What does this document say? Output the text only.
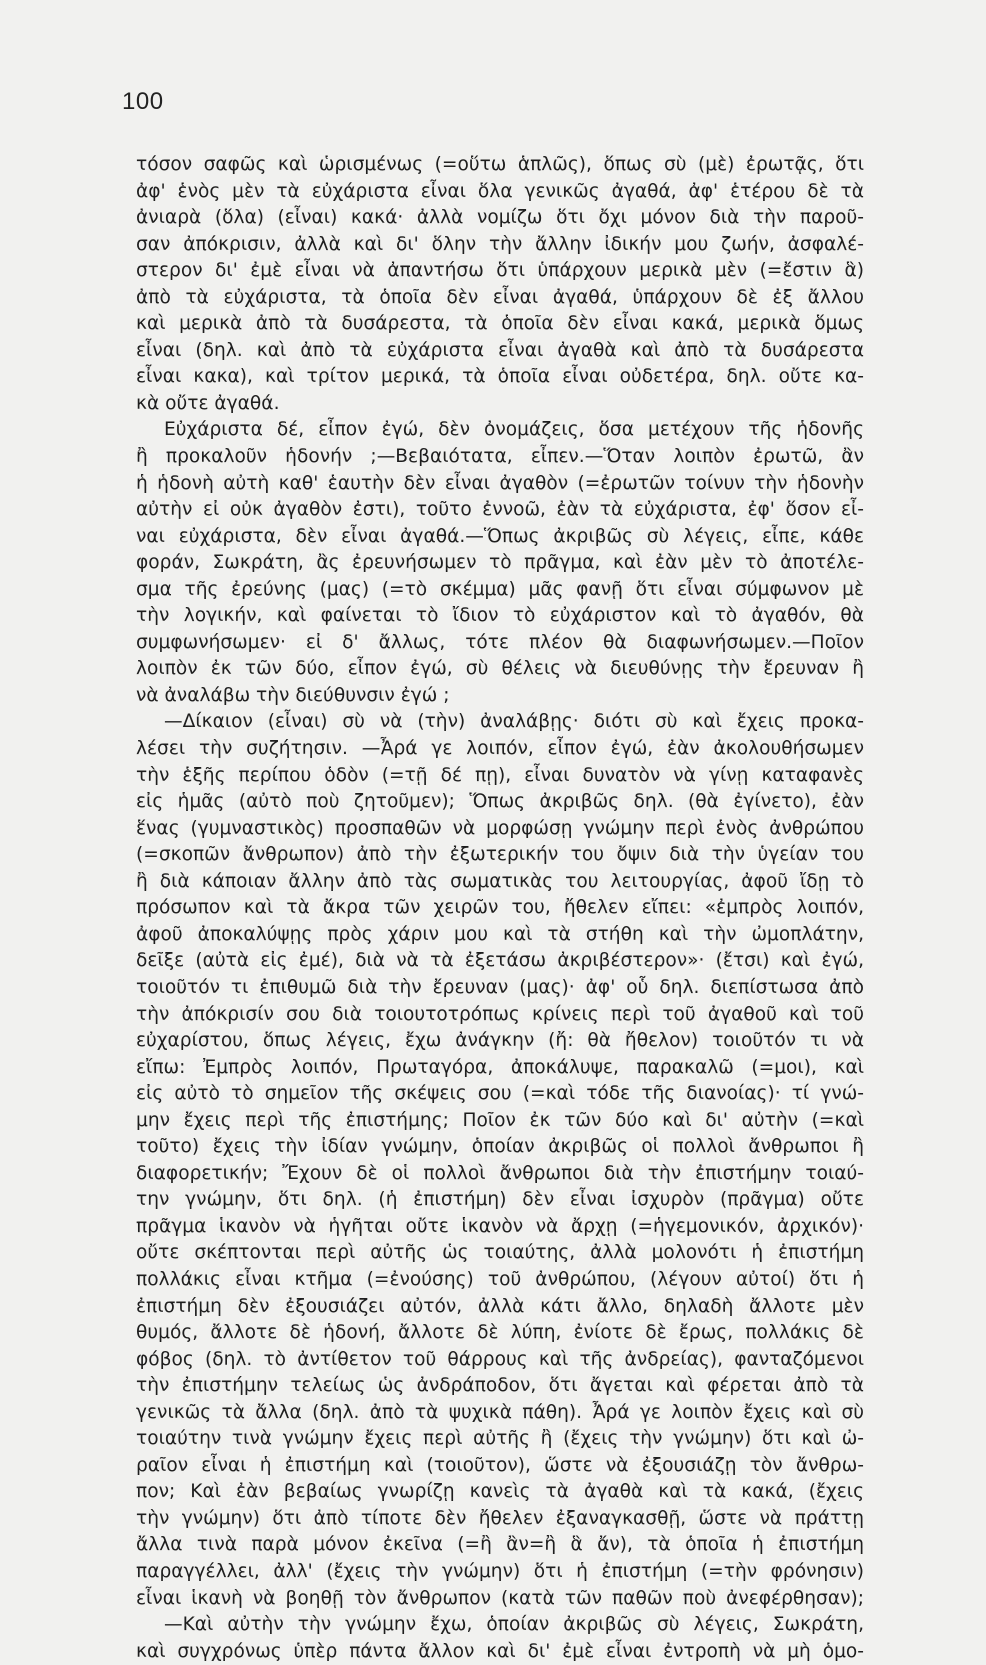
100
τόσον σαφῶς καὶ ὡρισμένως (=οὕτω ἁπλῶς), ὅπως σὺ (μὲ) ἐρωτᾷς, ὅτι
ἀφ' ἑνὸς μὲν τὰ εὐχάριστα εἶναι ὅλα γενικῶς ἀγαθά, ἀφ' ἑτέρου δὲ τὰ
ἀνιαρὰ (ὅλα) (εἶναι) κακά· ἀλλὰ νομίζω ὅτι ὄχι μόνον διὰ τὴν παροῦ-
σαν ἀπόκρισιν, ἀλλὰ καὶ δι' ὅλην τὴν ἄλλην ἰδικήν μου ζωήν, ἀσφαλέ-
στερον δι' ἐμὲ εἶναι νὰ ἀπαντήσω ὅτι ὑπάρχουν μερικὰ μὲν (=ἔστιν ἃ)
ἀπὸ τὰ εὐχάριστα, τὰ ὁποῖα δὲν εἶναι ἀγαθά, ὑπάρχουν δὲ ἐξ ἄλλου
καὶ μερικὰ ἀπὸ τὰ δυσάρεστα, τὰ ὁποῖα δὲν εἶναι κακά, μερικὰ ὅμως
εἶναι (δηλ. καὶ ἀπὸ τὰ εὐχάριστα εἶναι ἀγαθὰ καὶ ἀπὸ τὰ δυσάρεστα
εἶναι κακα), καὶ τρίτον μερικά, τὰ ὁποῖα εἶναι οὐδετέρα, δηλ. οὔτε κα-
κὰ οὔτε ἀγαθά.
Εὐχάριστα δέ, εἶπον ἐγώ, δὲν ὀνομάζεις, ὅσα μετέχουν τῆς ἡδονῆς
ἢ προκαλοῦν ἡδονήν ;—Βεβαιότατα, εἶπεν.—Ὅταν λοιπὸν ἐρωτῶ, ἂν
ἡ ἡδονὴ αὐτὴ καθ' ἑαυτὴν δὲν εἶναι ἀγαθὸν (=ἐρωτῶν τοίνυν τὴν ἡδονὴν
αὐτὴν εἰ οὐκ ἀγαθὸν ἐστι), τοῦτο ἐννοῶ, ἐὰν τὰ εὐχάριστα, ἐφ' ὅσον εἶ-
ναι εὐχάριστα, δὲν εἶναι ἀγαθά.—Ὅπως ἀκριβῶς σὺ λέγεις, εἶπε, κάθε
φοράν, Σωκράτη, ἂς ἐρευνήσωμεν τὸ πρᾶγμα, καὶ ἐὰν μὲν τὸ ἀποτέλε-
σμα τῆς ἐρεύνης (μας) (=τὸ σκέμμα) μᾶς φανῇ ὅτι εἶναι σύμφωνον μὲ
τὴν λογικήν, καὶ φαίνεται τὸ ἴδιον τὸ εὐχάριστον καὶ τὸ ἀγαθόν, θὰ
συμφωνήσωμεν· εἰ δ' ἄλλως, τότε πλέον θὰ διαφωνήσωμεν.—Ποῖον
λοιπὸν ἐκ τῶν δύο, εἶπον ἐγώ, σὺ θέλεις νὰ διευθύνῃς τὴν ἔρευναν ἢ
νὰ ἀναλάβω τὴν διεύθυνσιν ἐγώ ;
—Δίκαιον (εἶναι) σὺ νὰ (τὴν) ἀναλάβῃς· διότι σὺ καὶ ἔχεις προκα-
λέσει τὴν συζήτησιν. —Ἆρά γε λοιπόν, εἶπον ἐγώ, ἐὰν ἀκολουθήσωμεν
τὴν ἑξῆς περίπου ὁδὸν (=τῇ δέ πῃ), εἶναι δυνατὸν νὰ γίνῃ καταφανὲς
εἰς ἡμᾶς (αὐτὸ ποὺ ζητοῦμεν); Ὅπως ἀκριβῶς δηλ. (θὰ ἐγίνετο), ἐὰν
ἕνας (γυμναστικὸς) προσπαθῶν νὰ μορφώσῃ γνώμην περὶ ἑνὸς ἀνθρώπου
(=σκοπῶν ἄνθρωπον) ἀπὸ τὴν ἐξωτερικήν του ὄψιν διὰ τὴν ὑγείαν του
ἢ διὰ κάποιαν ἄλλην ἀπὸ τὰς σωματικὰς του λειτουργίας, ἀφοῦ ἴδῃ τὸ
πρόσωπον καὶ τὰ ἄκρα τῶν χειρῶν του, ἤθελεν εἴπει: «ἐμπρὸς λοιπόν,
ἀφοῦ ἀποκαλύψῃς πρὸς χάριν μου καὶ τὰ στήθη καὶ τὴν ὠμοπλάτην,
δεῖξε (αὐτὰ εἰς ἐμέ), διὰ νὰ τὰ ἐξετάσω ἀκριβέστερον»· (ἔτσι) καὶ ἐγώ,
τοιοῦτόν τι ἐπιθυμῶ διὰ τὴν ἔρευναν (μας)· ἀφ' οὗ δηλ. διεπίστωσα ἀπὸ
τὴν ἀπόκρισίν σου διὰ τοιουτοτρόπως κρίνεις περὶ τοῦ ἀγαθοῦ καὶ τοῦ
εὐχαρίστου, ὅπως λέγεις, ἔχω ἀνάγκην (ἤ: θὰ ἤθελον) τοιοῦτόν τι νὰ
εἴπω: Ἐμπρὸς λοιπόν, Πρωταγόρα, ἀποκάλυψε, παρακαλῶ (=μοι), καὶ
εἰς αὐτὸ τὸ σημεῖον τῆς σκέψεις σου (=καὶ τόδε τῆς διανοίας)· τί γνώ-
μην ἔχεις περὶ τῆς ἐπιστήμης; Ποῖον ἐκ τῶν δύο καὶ δι' αὐτὴν (=καὶ
τοῦτο) ἔχεις τὴν ἰδίαν γνώμην, ὁποίαν ἀκριβῶς οἱ πολλοὶ ἄνθρωποι ἢ
διαφορετικήν; Ἔχουν δὲ οἱ πολλοὶ ἄνθρωποι διὰ τὴν ἐπιστήμην τοιαύ-
την γνώμην, ὅτι δηλ. (ἡ ἐπιστήμη) δὲν εἶναι ἰσχυρὸν (πρᾶγμα) οὔτε
πρᾶγμα ἱκανὸν νὰ ἡγῆται οὔτε ἱκανὸν νὰ ἄρχῃ (=ἡγεμονικόν, ἀρχικόν)·
οὔτε σκέπτονται περὶ αὐτῆς ὡς τοιαύτης, ἀλλὰ μολονότι ἡ ἐπιστήμη
πολλάκις εἶναι κτῆμα (=ἐνούσης) τοῦ ἀνθρώπου, (λέγουν αὐτοί) ὅτι ἡ
ἐπιστήμη δὲν ἐξουσιάζει αὐτόν, ἀλλὰ κάτι ἄλλο, δηλαδὴ ἄλλοτε μὲν
θυμός, ἄλλοτε δὲ ἡδονή, ἄλλοτε δὲ λύπη, ἐνίοτε δὲ ἔρως, πολλάκις δὲ
φόβος (δηλ. τὸ ἀντίθετον τοῦ θάρρους καὶ τῆς ἀνδρείας), φανταζόμενοι
τὴν ἐπιστήμην τελείως ὡς ἀνδράποδον, ὅτι ἄγεται καὶ φέρεται ἀπὸ τὰ
γενικῶς τὰ ἄλλα (δηλ. ἀπὸ τὰ ψυχικὰ πάθη). Ἆρά γε λοιπὸν ἔχεις καὶ σὺ
τοιαύτην τινὰ γνώμην ἔχεις περὶ αὐτῆς ἢ (ἔχεις τὴν γνώμην) ὅτι καὶ ὠ-
ραῖον εἶναι ἡ ἐπιστήμη καὶ (τοιοῦτον), ὥστε νὰ ἐξουσιάζῃ τὸν ἄνθρω-
πον; Καὶ ἐὰν βεβαίως γνωρίζῃ κανεὶς τὰ ἀγαθὰ καὶ τὰ κακά, (ἔχεις
τὴν γνώμην) ὅτι ἀπὸ τίποτε δὲν ἤθελεν ἐξαναγκασθῇ, ὥστε νὰ πράττῃ
ἄλλα τινὰ παρὰ μόνον ἐκεῖνα (=ἢ ἂν=ἢ ἃ ἄν), τὰ ὁποῖα ἡ ἐπιστήμη
παραγγέλλει, ἀλλ' (ἔχεις τὴν γνώμην) ὅτι ἡ ἐπιστήμη (=τὴν φρόνησιν)
εἶναι ἱκανὴ νὰ βοηθῇ τὸν ἄνθρωπον (κατὰ τῶν παθῶν ποὺ ἀνεφέρθησαν);
—Καὶ αὐτὴν τὴν γνώμην ἔχω, ὁποίαν ἀκριβῶς σὺ λέγεις, Σωκράτη,
καὶ συγχρόνως ὑπὲρ πάντα ἄλλον καὶ δι' ἐμὲ εἶναι ἐντροπὴ νὰ μὴ ὁμο-
